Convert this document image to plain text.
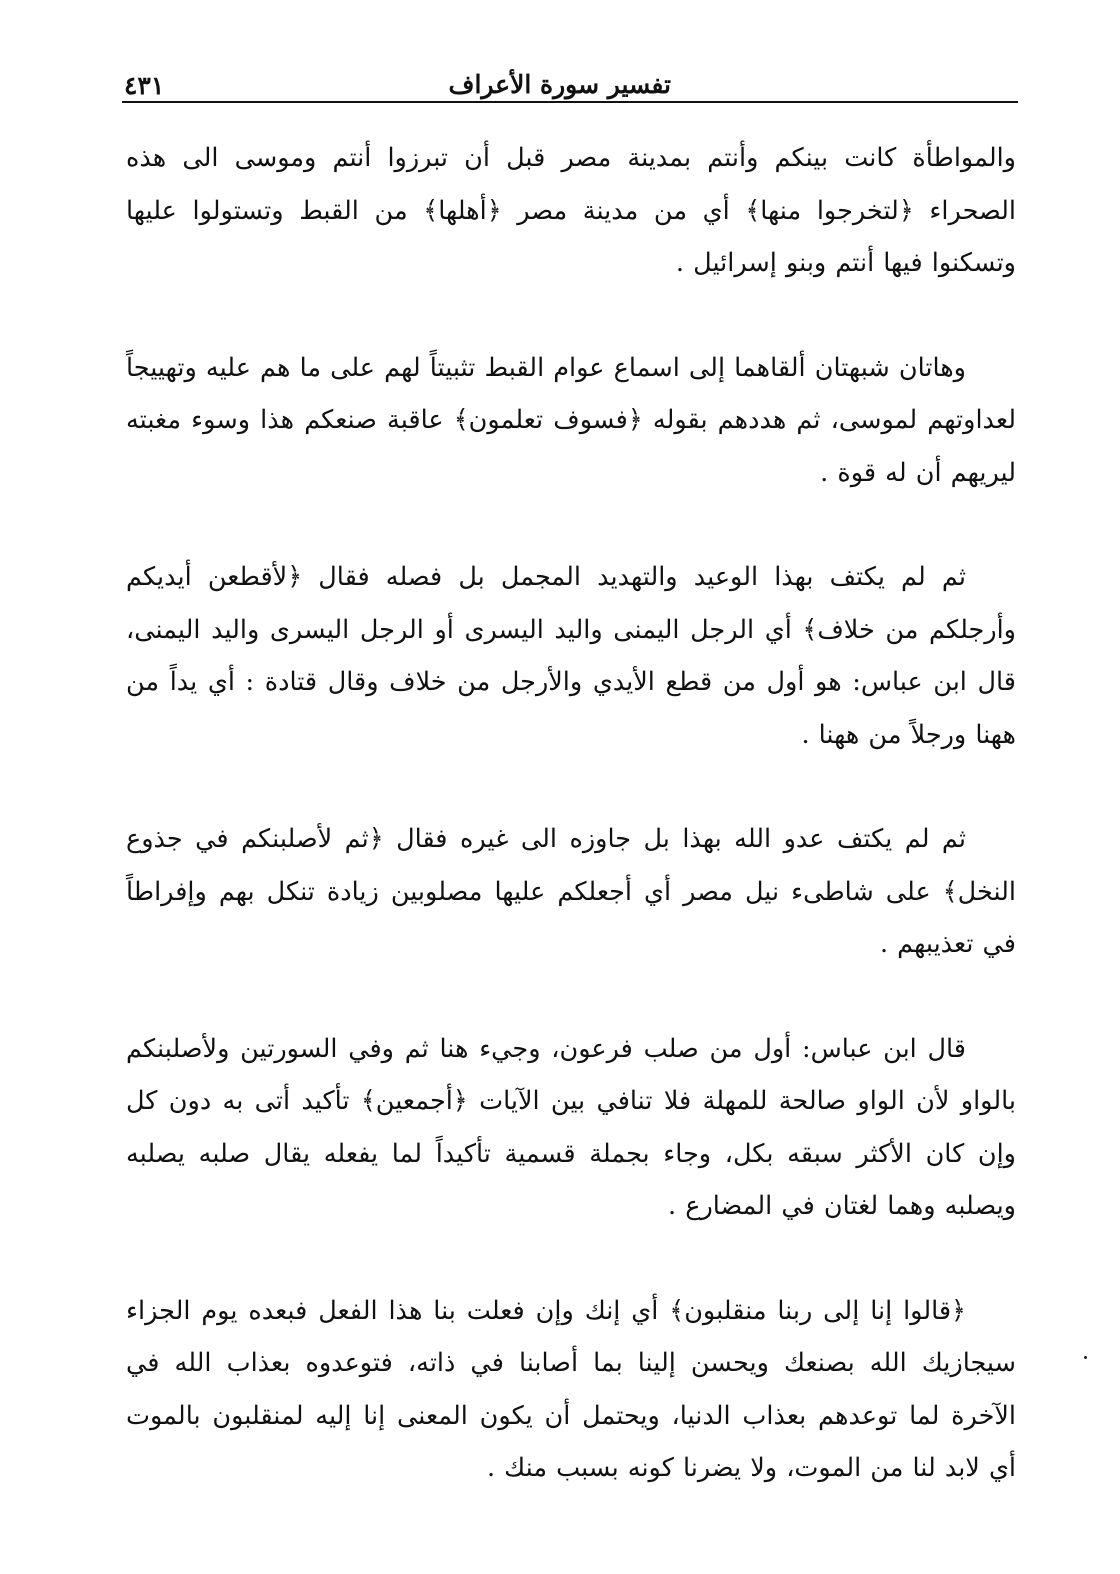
تفسير سورة الأعراف
٤٣١

والمواطأة كانت بينكم وأنتم بمدينة مصر قبل أن تبرزوا أنتم وموسى الى هذه الصحراء ﴿لتخرجوا منها﴾ أي من مدينة مصر ﴿أهلها﴾ من القبط وتستولوا عليها وتسكنوا فيها أنتم وبنو إسرائيل .

وهاتان شبهتان ألقاهما إلى اسماع عوام القبط تثبيتاً لهم على ما هم عليه وتهييجاً لعداوتهم لموسى، ثم هددهم بقوله ﴿فسوف تعلمون﴾ عاقبة صنعكم هذا وسوء مغبته ليريهم أن له قوة .

ثم لم يكتف بهذا الوعيد والتهديد المجمل بل فصله فقال ﴿لأقطعن أيديكم وأرجلكم من خلاف﴾ أي الرجل اليمنى واليد اليسرى أو الرجل اليسرى واليد اليمنى، قال ابن عباس: هو أول من قطع الأيدي والأرجل من خلاف وقال قتادة : أي يداً من ههنا ورجلاً من ههنا .

ثم لم يكتف عدو الله بهذا بل جاوزه الى غيره فقال ﴿ثم لأصلبنكم في جذوع النخل﴾ على شاطىء نيل مصر أي أجعلكم عليها مصلوبين زيادة تنكل بهم وإفراطاً في تعذيبهم .

قال ابن عباس: أول من صلب فرعون، وجيء هنا ثم وفي السورتين ولأصلبنكم بالواو لأن الواو صالحة للمهلة فلا تنافي بين الآيات ﴿أجمعين﴾ تأكيد أتى به دون كل وإن كان الأكثر سبقه بكل، وجاء بجملة قسمية تأكيداً لما يفعله يقال صلبه يصلبه ويصلبه وهما لغتان في المضارع .

﴿قالوا إنا إلى ربنا منقلبون﴾ أي إنك وإن فعلت بنا هذا الفعل فبعده يوم الجزاء سيجازيك الله بصنعك ويحسن إلينا بما أصابنا في ذاته، فتوعدوه بعذاب الله في الآخرة لما توعدهم بعذاب الدنيا، ويحتمل أن يكون المعنى إنا إليه لمنقلبون بالموت أي لابد لنا من الموت، ولا يضرنا كونه بسبب منك .
